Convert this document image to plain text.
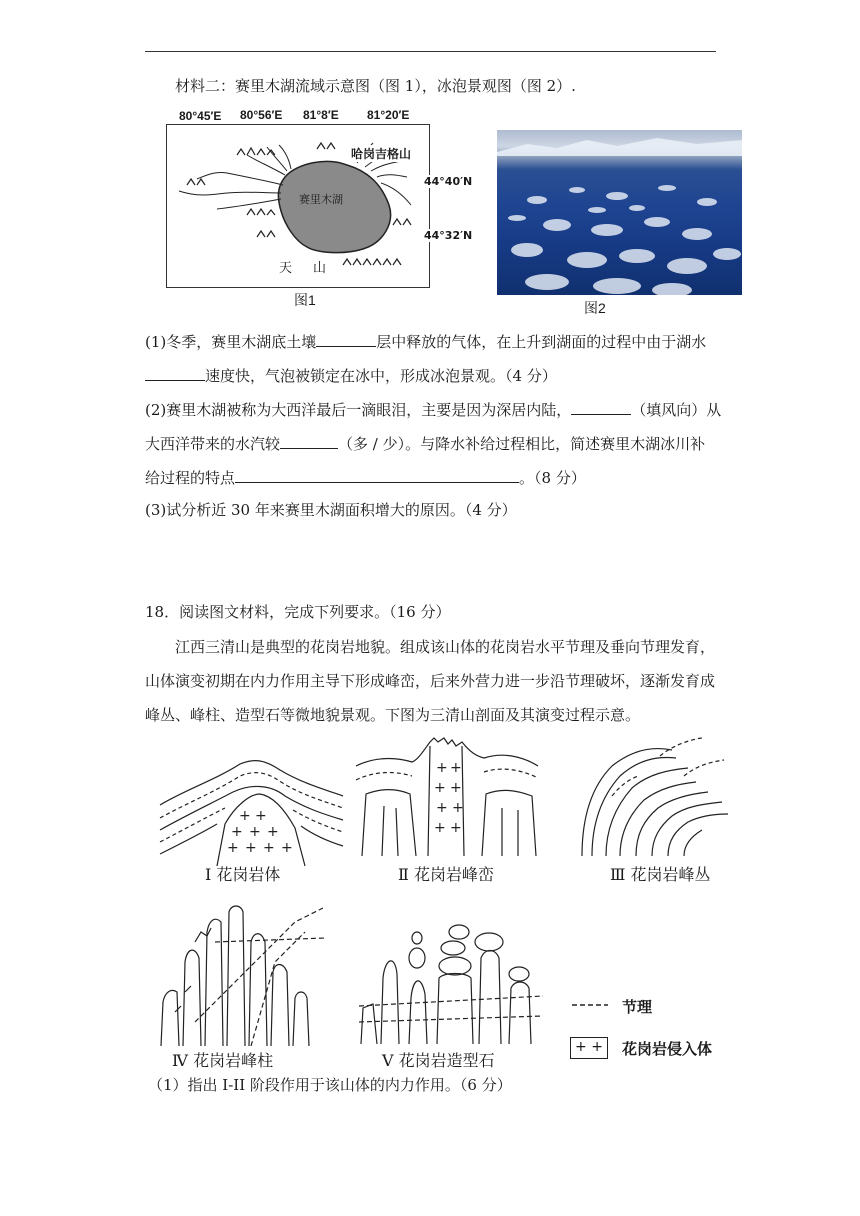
材料二：赛里木湖流域示意图（图 1），冰泡景观图（图 2）.
80°45′E 80°56′E 81°8′E 81°20′E
赛里木湖
哈岗吉格山
44°40′N
44°32′N
天 山
图1	图2
(1)冬季，赛里木湖底土壤	层中释放的气体，在上升到湖面的过程中由于湖水
速度快，气泡被锁定在冰中，形成冰泡景观。（4 分）
(2)赛里木湖被称为大西洋最后一滴眼泪，主要是因为深居内陆，	（填风向）从
大西洋带来的水汽较	（多 / 少）。与降水补给过程相比，简述赛里木湖冰川补
给过程的特点	。（8 分）
(3)试分析近 30 年来赛里木湖面积增大的原因。（4 分）
18．阅读图文材料，完成下列要求。（16 分）
江西三清山是典型的花岗岩地貌。组成该山体的花岗岩水平节理及垂向节理发育，
山体演变初期在内力作用主导下形成峰峦，后来外营力进一步沿节理破坏，逐渐发育成
峰丛、峰柱、造型石等微地貌景观。下图为三清山剖面及其演变过程示意。
+ +
+ + +
+ + + +
Ⅰ 花岗岩体
+ +
+ +
+ +
+ +
Ⅱ 花岗岩峰峦	Ⅲ 花岗岩峰丛
Ⅳ 花岗岩峰柱	Ⅴ 花岗岩造型石
节理
+ +	花岗岩侵入体
（1）指出 I-II 阶段作用于该山体的内力作用。（6 分）
